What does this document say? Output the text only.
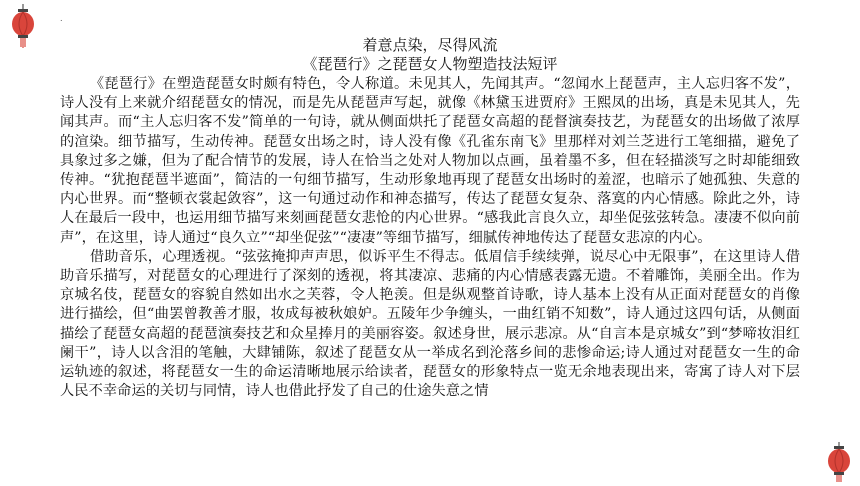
.
着意点染，尽得风流
《琵琶行》之琵琶女人物塑造技法短评

《琵琶行》在塑造琵琶女时颇有特色，令人称道。未见其人，先闻其声。“忽闻水上琵琶声，主人忘归客不发”，诗人没有上来就介绍琵琶女的情况，而是先从琵琶声写起，就像《林黛玉进贾府》王熙凤的出场，真是未见其人，先闻其声。而“主人忘归客不发”简单的一句诗，就从侧面烘托了琵琶女高超的琵督演奏技艺，为琵琶女的出场做了浓厚的渲染。细节描写，生动传神。琵琶女出场之时，诗人没有像《孔雀东南飞》里那样对刘兰芝进行工笔细描，避免了具象过多之嫌，但为了配合情节的发展，诗人在恰当之处对人物加以点画，虽着墨不多，但在轻描淡写之时却能细致传神。“犹抱琵琶半遮面”，简洁的一句细节描写，生动形象地再现了琵琶女出场时的羞涩，也暗示了她孤独、失意的内心世界。而“整顿衣裳起敛容”，这一句通过动作和神态描写，传达了琵琶女复杂、落寞的内心情感。除此之外，诗人在最后一段中，也运用细节描写来刻画琵琶女悲怆的内心世界。“感我此言良久立，却坐促弦弦转急。凄凄不似向前声”，在这里，诗人通过“良久立”“却坐促弦”“凄凄”等细节描写，细腻传神地传达了琵琶女悲凉的内心。

借助音乐，心理透视。“弦弦掩抑声声思，似诉平生不得志。低眉信手续续弹，说尽心中无限事”，在这里诗人借助音乐描写，对琵琶女的心理进行了深刻的透视，将其凄凉、悲痛的内心情感表露无遗。不着雕饰，美丽全出。作为京城名伎，琵琶女的容貌自然如出水之芙蓉，令人艳羡。但是纵观整首诗歌，诗人基本上没有从正面对琵琶女的肖像进行描绘，但“曲罢曾教善才服，妆成每被秋娘妒。五陵年少争缠头，一曲红销不知数”，诗人通过这四句话，从侧面描绘了琵琶女高超的琵琶演奏技艺和众星捧月的美丽容姿。叙述身世，展示悲凉。从“自言本是京城女”到“梦啼妆泪红阑干”，诗人以含泪的笔触，大肆铺陈，叙述了琵琶女从一举成名到沦落乡间的悲惨命运;诗人通过对琵琶女一生的命运轨迹的叙述，将琵琶女一生的命运清晰地展示给读者，琵琶女的形象特点一览无余地表现出来，寄寓了诗人对下层人民不幸命运的关切与同情，诗人也借此抒发了自己的仕途失意之情
